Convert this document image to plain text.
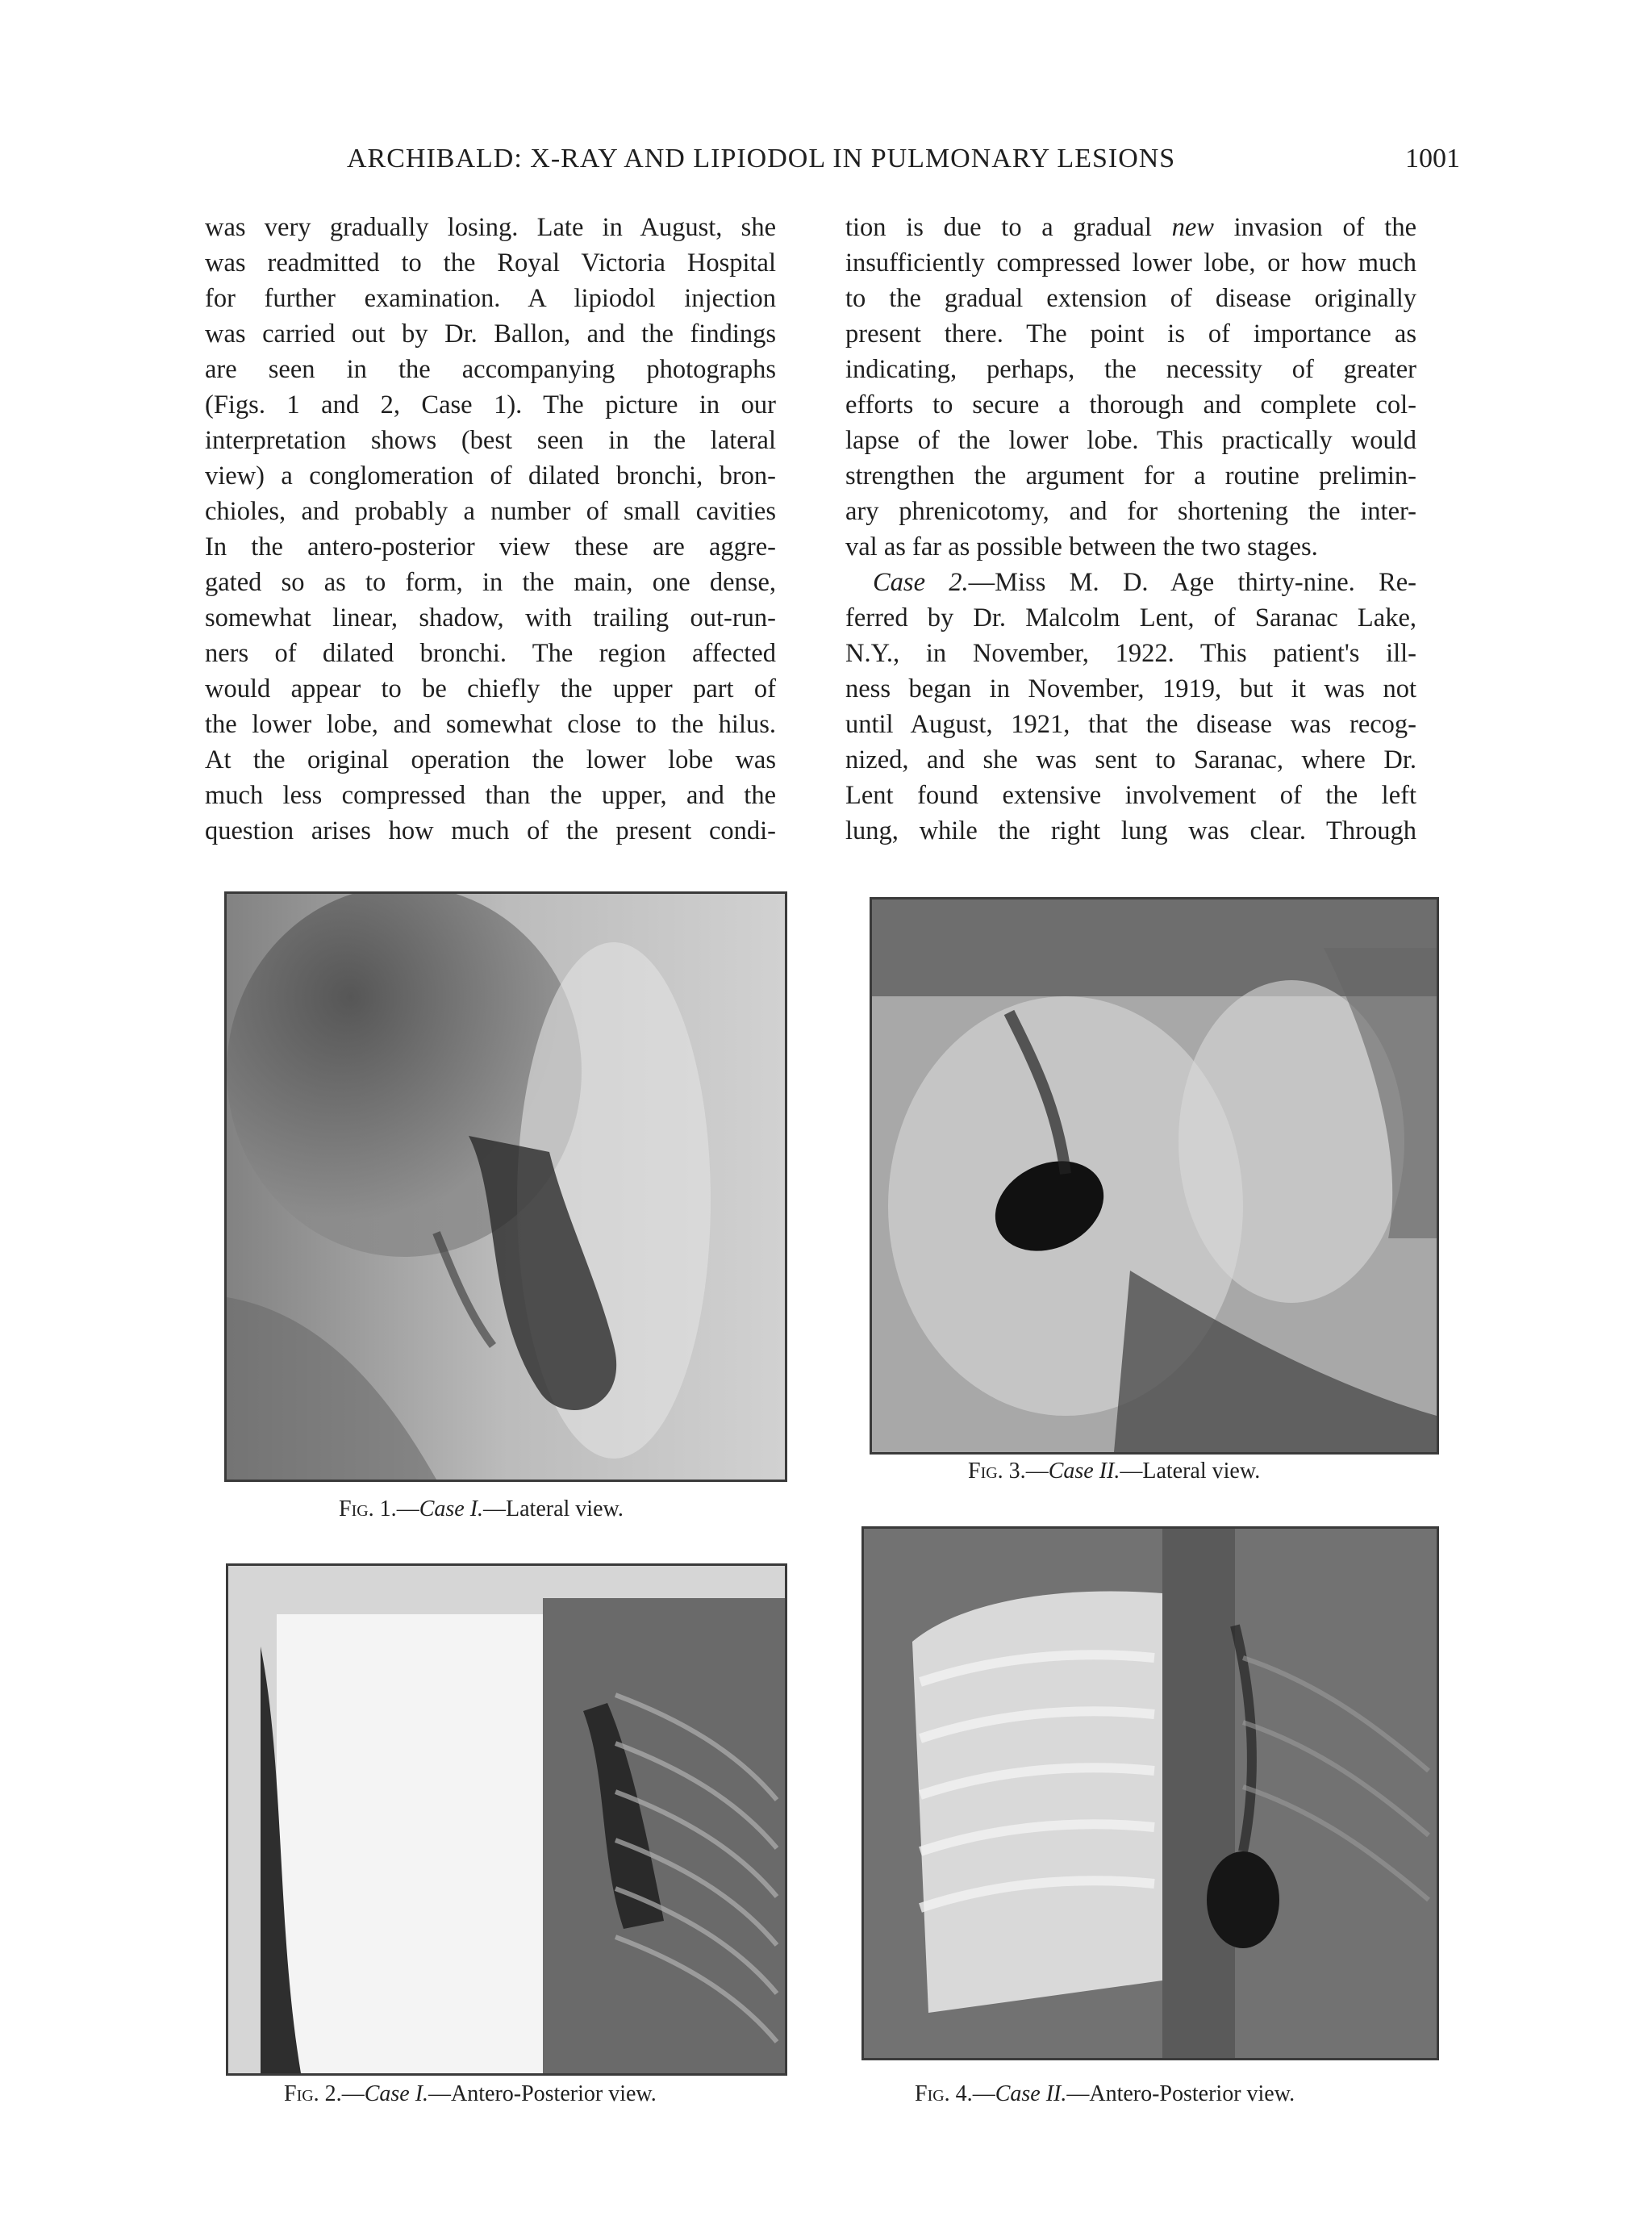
ARCHIBALD: X-RAY AND LIPIODOL IN PULMONARY LESIONS	1001
was very gradually losing. Late in August, she
was readmitted to the Royal Victoria Hospital
for further examination. A lipiodol injection
was carried out by Dr. Ballon, and the findings
are seen in the accompanying photographs
(Figs. 1 and 2, Case 1). The picture in our
interpretation shows (best seen in the lateral
view) a conglomeration of dilated bronchi, bron-
chioles, and probably a number of small cavities
In the antero-posterior view these are aggre-
gated so as to form, in the main, one dense,
somewhat linear, shadow, with trailing out-run-
ners of dilated bronchi. The region affected
would appear to be chiefly the upper part of
the lower lobe, and somewhat close to the hilus.
At the original operation the lower lobe was
much less compressed than the upper, and the
question arises how much of the present condi-
tion is due to a gradual new invasion of the
insufficiently compressed lower lobe, or how much
to the gradual extension of disease originally
present there. The point is of importance as
indicating, perhaps, the necessity of greater
efforts to secure a thorough and complete col-
lapse of the lower lobe. This practically would
strengthen the argument for a routine prelimin-
ary phrenicotomy, and for shortening the inter-
val as far as possible between the two stages.
Case 2.—Miss M. D. Age thirty-nine. Re-
ferred by Dr. Malcolm Lent, of Saranac Lake,
N.Y., in November, 1922. This patient's ill-
ness began in November, 1919, but it was not
until August, 1921, that the disease was recog-
nized, and she was sent to Saranac, where Dr.
Lent found extensive involvement of the left
lung, while the right lung was clear. Through
Fig. 1.—Case I.—Lateral view.
Fig. 2.—Case I.—Antero-Posterior view.
Fig. 3.—Case II.—Lateral view.
Fig. 4.—Case II.—Antero-Posterior view.
